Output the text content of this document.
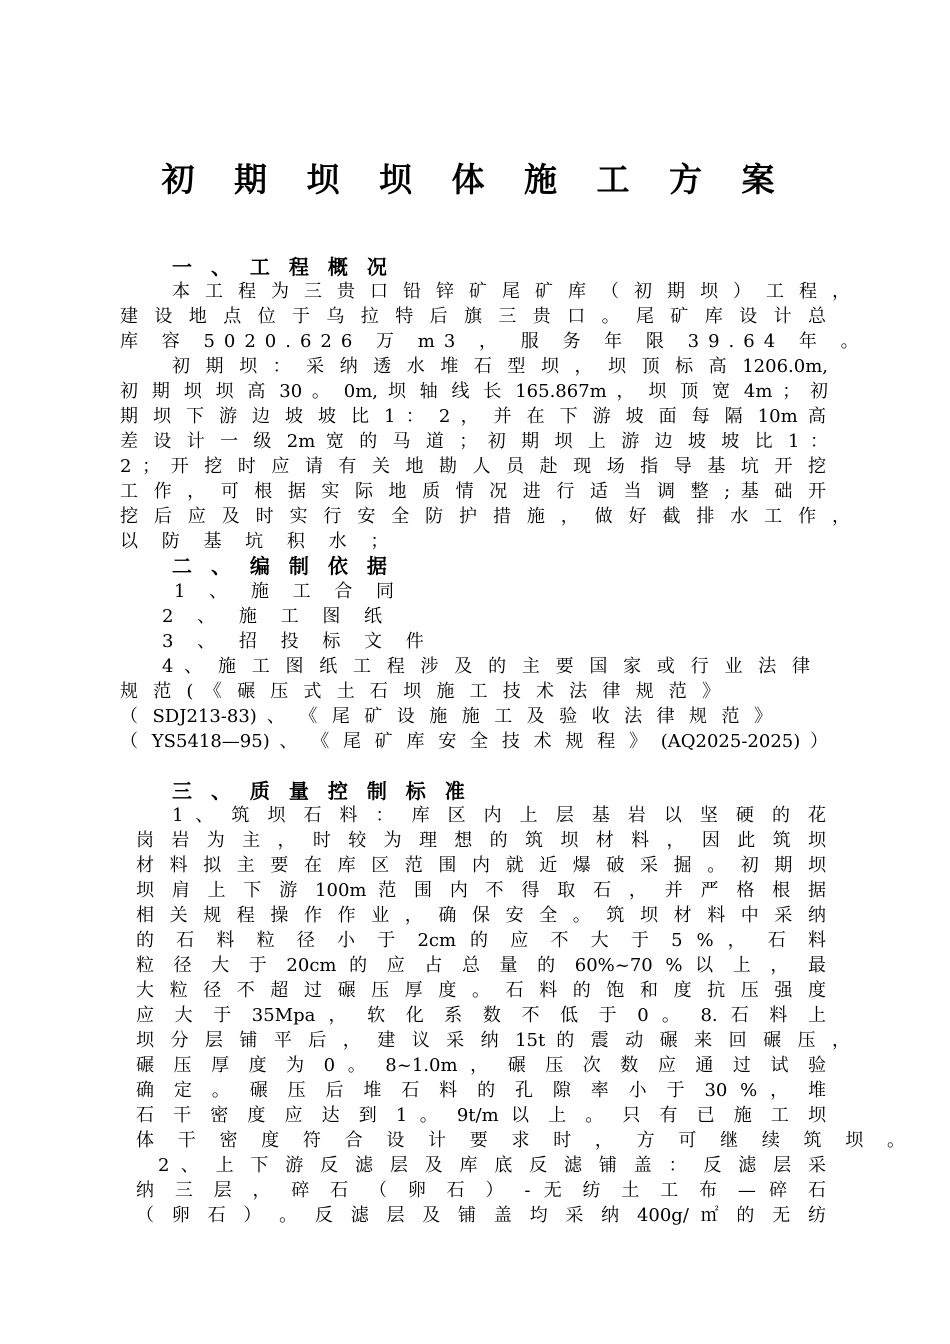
初 期 坝 坝 体 施 工 方 案
一 、 工 程 概 况
本 工 程 为 三 贵 口 铅 锌 矿 尾 矿 库 （ 初 期 坝 ） 工 程 ，
建 设 地 点 位 于 乌 拉 特 后 旗 三 贵 口 。 尾 矿 库 设 计 总
库 容 5020.626 万 m3 ， 服 务 年 限 39.64 年 。
初 期 坝 ： 采 纳 透 水 堆 石 型 坝 ， 坝 顶 标 高 1206.0m,
初 期 坝 坝 高 30 。 0m, 坝 轴 线 长 165.867m ， 坝 顶 宽 4m ； 初
期 坝 下 游 边 坡 坡 比 1 ： 2 ， 并 在 下 游 坡 面 每 隔 10m 高
差 设 计 一 级 2m 宽 的 马 道 ； 初 期 坝 上 游 边 坡 坡 比 1 ：
2 ； 开 挖 时 应 请 有 关 地 勘 人 员 赴 现 场 指 导 基 坑 开 挖
工 作 ， 可 根 据 实 际 地 质 情 况 进 行 适 当 调 整 ; 基 础 开
挖 后 应 及 时 实 行 安 全 防 护 措 施 ， 做 好 截 排 水 工 作 ，
以 防 基 坑 积 水 ；
二 、 编 制 依 据
1 、 施 工 合 同
2 、 施 工 图 纸
3 、 招 投 标 文 件
4 、 施 工 图 纸 工 程 涉 及 的 主 要 国 家 或 行 业 法 律
规 范 ( 《 碾 压 式 土 石 坝 施 工 技 术 法 律 规 范 》
（ SDJ213-83) 、 《 尾 矿 设 施 施 工 及 验 收 法 律 规 范 》
（ YS5418—95) 、 《 尾 矿 库 安 全 技 术 规 程 》 (AQ2025-2025) ）
三 、 质 量 控 制 标 准
1 、 筑 坝 石 料 ： 库 区 内 上 层 基 岩 以 坚 硬 的 花
岗 岩 为 主 ， 时 较 为 理 想 的 筑 坝 材 料 ， 因 此 筑 坝
材 料 拟 主 要 在 库 区 范 围 内 就 近 爆 破 采 掘 。 初 期 坝
坝 肩 上 下 游 100m 范 围 内 不 得 取 石 ， 并 严 格 根 据
相 关 规 程 操 作 作 业 ， 确 保 安 全 。 筑 坝 材 料 中 采 纳
的 石 料 粒 径 小 于 2cm 的 应 不 大 于 5 % ， 石 料
粒 径 大 于 20cm 的 应 占 总 量 的 60%~70 % 以 上 ， 最
大 粒 径 不 超 过 碾 压 厚 度 。 石 料 的 饱 和 度 抗 压 强 度
应 大 于 35Mpa ， 软 化 系 数 不 低 于 0 。 8. 石 料 上
坝 分 层 铺 平 后 ， 建 议 采 纳 15t 的 震 动 碾 来 回 碾 压 ，
碾 压 厚 度 为 0 。 8~1.0m ， 碾 压 次 数 应 通 过 试 验
确 定 。 碾 压 后 堆 石 料 的 孔 隙 率 小 于 30 % ， 堆
石 干 密 度 应 达 到 1 。 9t/m 以 上 。 只 有 已 施 工 坝
体 干 密 度 符 合 设 计 要 求 时 ， 方 可 继 续 筑 坝 。
2 、 上 下 游 反 滤 层 及 库 底 反 滤 铺 盖 ： 反 滤 层 采
纳 三 层 ， 碎 石 （ 卵 石 ） - 无 纺 土 工 布 — 碎 石
（ 卵 石 ） 。 反 滤 层 及 铺 盖 均 采 纳 400g/ ㎡ 的 无 纺
